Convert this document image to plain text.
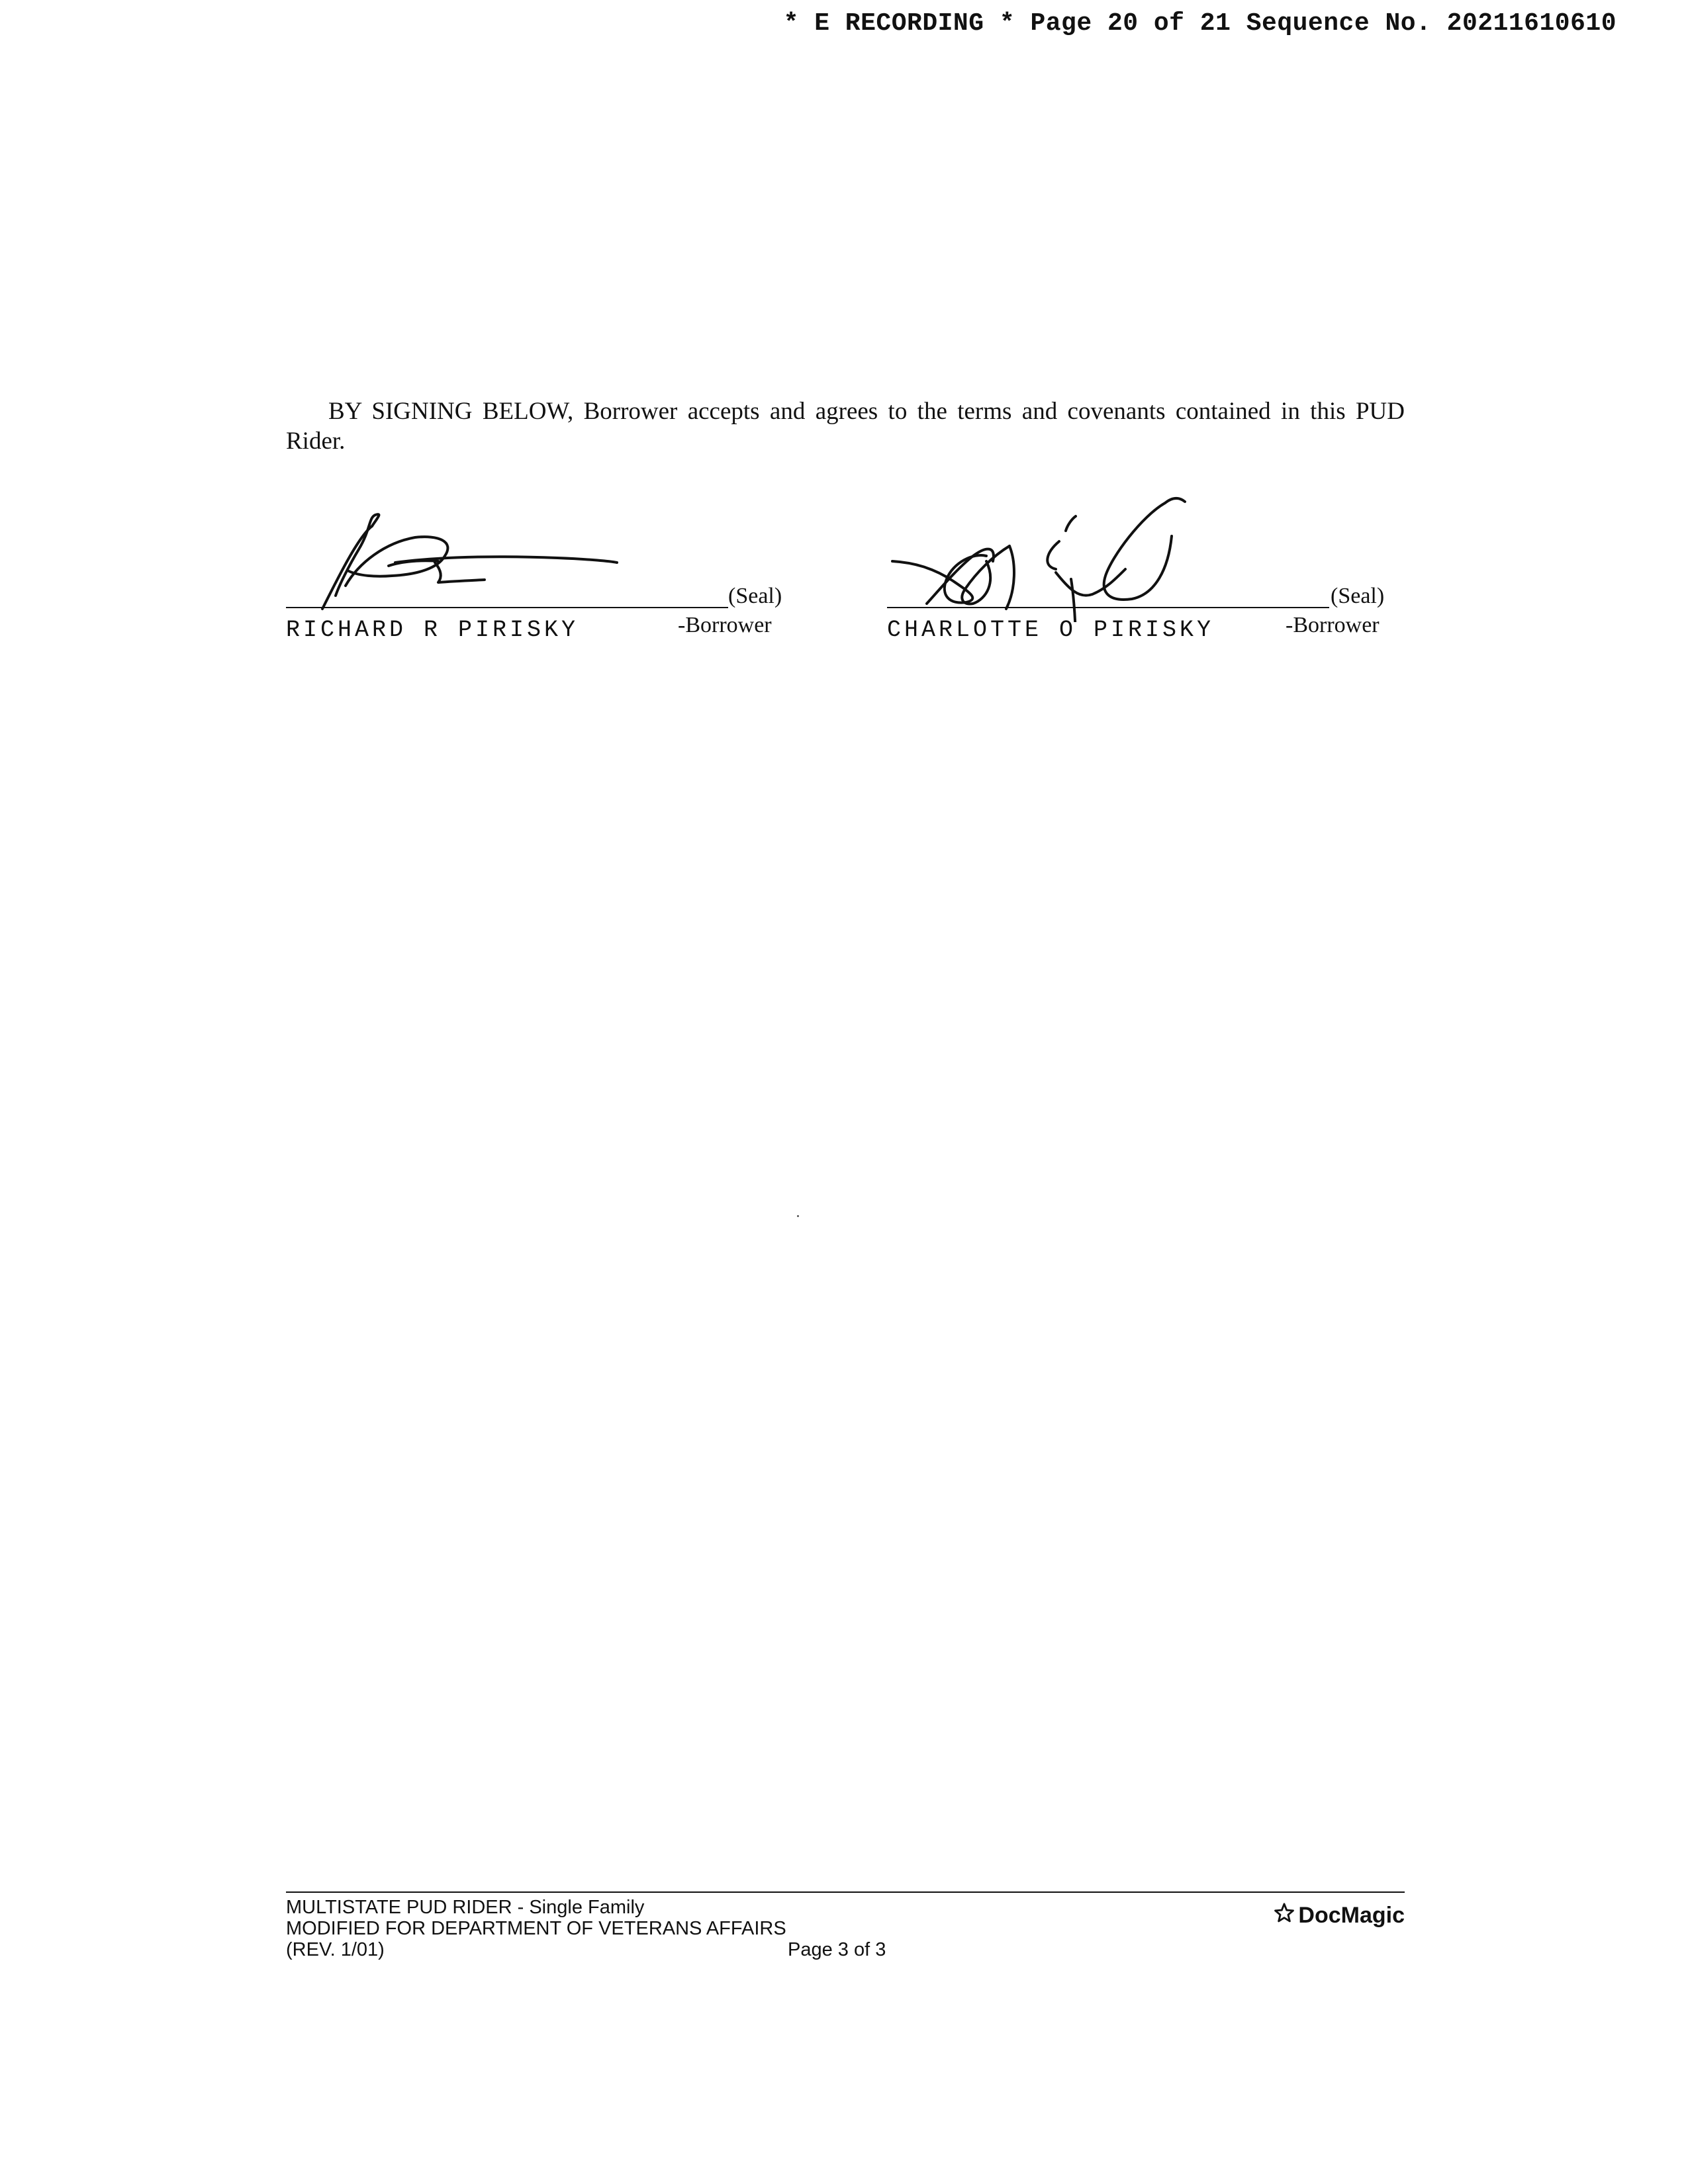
* E RECORDING * Page 20 of 21 Sequence No. 20211610610

BY SIGNING BELOW, Borrower accepts and agrees to the terms and covenants contained in this PUD Rider.

(Seal)
RICHARD R PIRISKY	-Borrower
(Seal)
CHARLOTTE O PIRISKY	-Borrower
MULTISTATE PUD RIDER - Single Family
MODIFIED FOR DEPARTMENT OF VETERANS AFFAIRS
(REV. 1/01)	Page 3 of 3
DocMagic
